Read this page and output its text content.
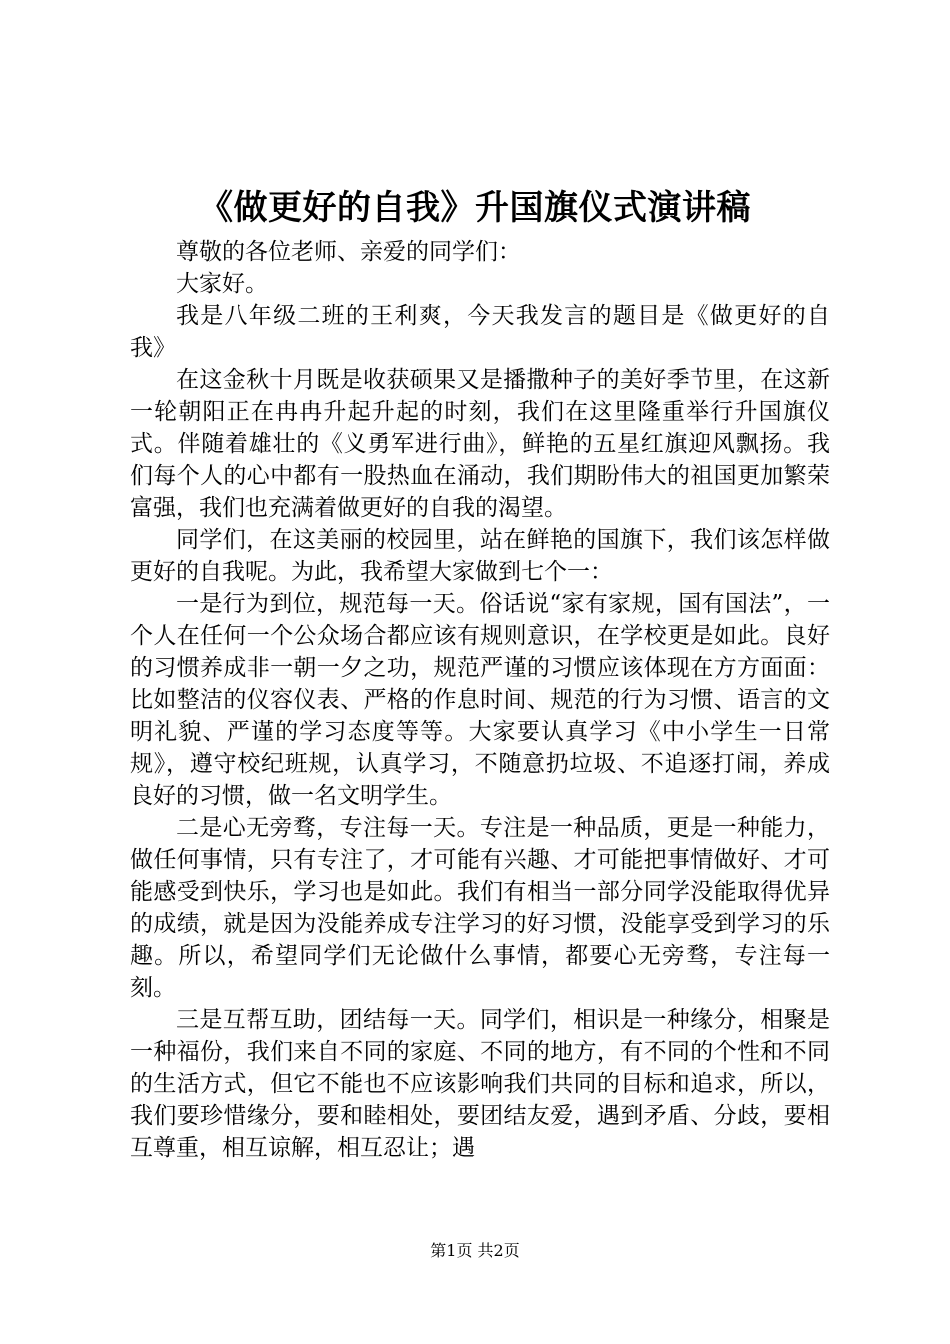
《做更好的自我》升国旗仪式演讲稿

尊敬的各位老师、亲爱的同学们：

大家好。

我是八年级二班的王利爽，今天我发言的题目是《做更好的自我》

在这金秋十月既是收获硕果又是播撒种子的美好季节里，在这新一轮朝阳正在冉冉升起升起的时刻，我们在这里隆重举行升国旗仪式。伴随着雄壮的《义勇军进行曲》，鲜艳的五星红旗迎风飘扬。我们每个人的心中都有一股热血在涌动，我们期盼伟大的祖国更加繁荣富强，我们也充满着做更好的自我的渴望。

同学们，在这美丽的校园里，站在鲜艳的国旗下，我们该怎样做更好的自我呢。为此，我希望大家做到七个一：

一是行为到位，规范每一天。俗话说“家有家规，国有国法”，一个人在任何一个公众场合都应该有规则意识，在学校更是如此。良好的习惯养成非一朝一夕之功，规范严谨的习惯应该体现在方方面面：比如整洁的仪容仪表、严格的作息时间、规范的行为习惯、语言的文明礼貌、严谨的学习态度等等。大家要认真学习《中小学生一日常规》，遵守校纪班规，认真学习，不随意扔垃圾、不追逐打闹，养成良好的习惯，做一名文明学生。

二是心无旁骛，专注每一天。专注是一种品质，更是一种能力，做任何事情，只有专注了，才可能有兴趣、才可能把事情做好、才可能感受到快乐，学习也是如此。我们有相当一部分同学没能取得优异的成绩，就是因为没能养成专注学习的好习惯，没能享受到学习的乐趣。所以，希望同学们无论做什么事情，都要心无旁骛，专注每一刻。

三是互帮互助，团结每一天。同学们，相识是一种缘分，相聚是一种福份，我们来自不同的家庭、不同的地方，有不同的个性和不同的生活方式，但它不能也不应该影响我们共同的目标和追求，所以，我们要珍惜缘分，要和睦相处，要团结友爱，遇到矛盾、分歧，要相互尊重，相互谅解，相互忍让；遇

第1页 共2页
